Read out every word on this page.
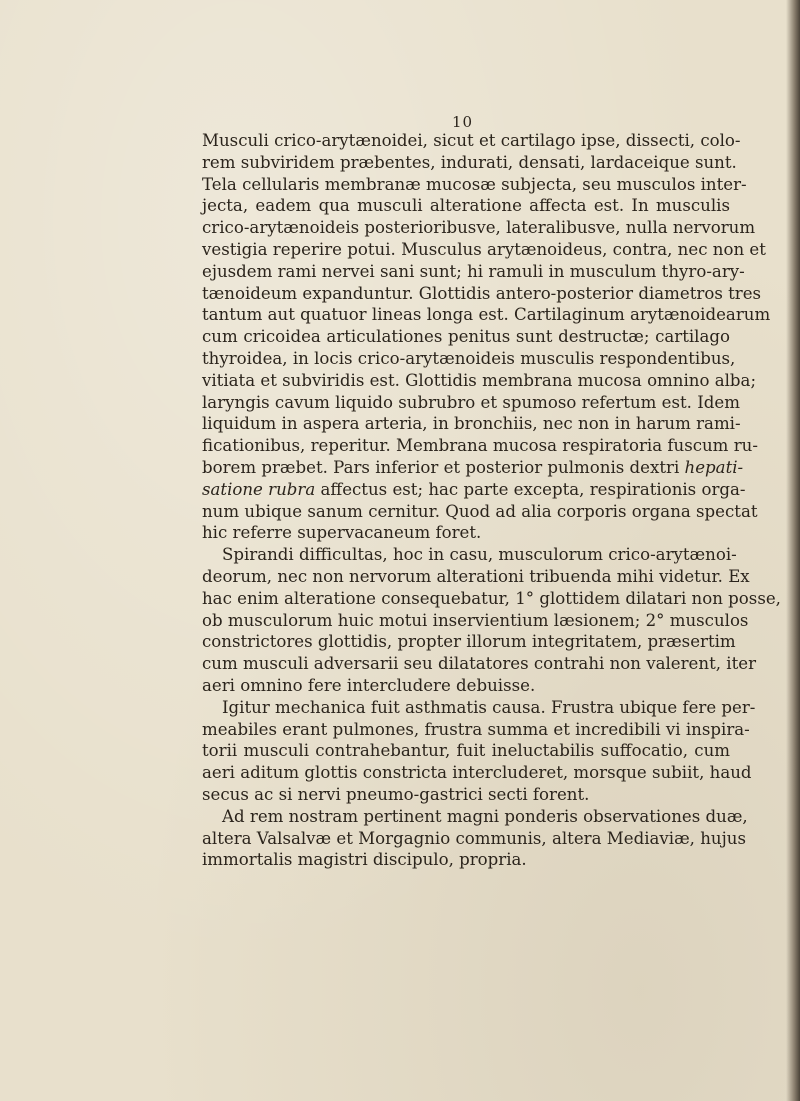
10
Musculi crico-arytænoidei, sicut et cartilago ipse, dissecti, colo-
rem subviridem præbentes, indurati, densati, lardaceique sunt.
Tela cellularis membranæ mucosæ subjecta, seu musculos inter-
jecta, eadem qua musculi alteratione affecta est. In musculis
crico-arytænoideis posterioribusve, lateralibusve, nulla nervorum
vestigia reperire potui. Musculus arytænoideus, contra, nec non et
ejusdem rami nervei sani sunt; hi ramuli in musculum thyro-ary-
tænoideum expanduntur. Glottidis antero-posterior diametros tres
tantum aut quatuor lineas longa est. Cartilaginum arytænoidearum
cum cricoidea articulationes penitus sunt destructæ; cartilago
thyroidea, in locis crico-arytænoideis musculis respondentibus,
vitiata et subviridis est. Glottidis membrana mucosa omnino alba;
laryngis cavum liquido subrubro et spumoso refertum est. Idem
liquidum in aspera arteria, in bronchiis, nec non in harum rami-
ficationibus, reperitur. Membrana mucosa respiratoria fuscum ru-
borem præbet. Pars inferior et posterior pulmonis dextri hepati-
satione rubra affectus est; hac parte excepta, respirationis orga-
num ubique sanum cernitur. Quod ad alia corporis organa spectat
hic referre supervacaneum foret.
Spirandi difficultas, hoc in casu, musculorum crico-arytænoi-
deorum, nec non nervorum alterationi tribuenda mihi videtur. Ex
hac enim alteratione consequebatur, 1° glottidem dilatari non posse,
ob musculorum huic motui inservientium læsionem; 2° musculos
constrictores glottidis, propter illorum integritatem, præsertim
cum musculi adversarii seu dilatatores contrahi non valerent, iter
aeri omnino fere intercludere debuisse.
Igitur mechanica fuit asthmatis causa. Frustra ubique fere per-
meabiles erant pulmones, frustra summa et incredibili vi inspira-
torii musculi contrahebantur, fuit ineluctabilis suffocatio, cum
aeri aditum glottis constricta intercluderet, morsque subiit, haud
secus ac si nervi pneumo-gastrici secti forent.
Ad rem nostram pertinent magni ponderis observationes duæ,
altera Valsalvæ et Morgagnio communis, altera Mediaviæ, hujus
immortalis magistri discipulo, propria.
